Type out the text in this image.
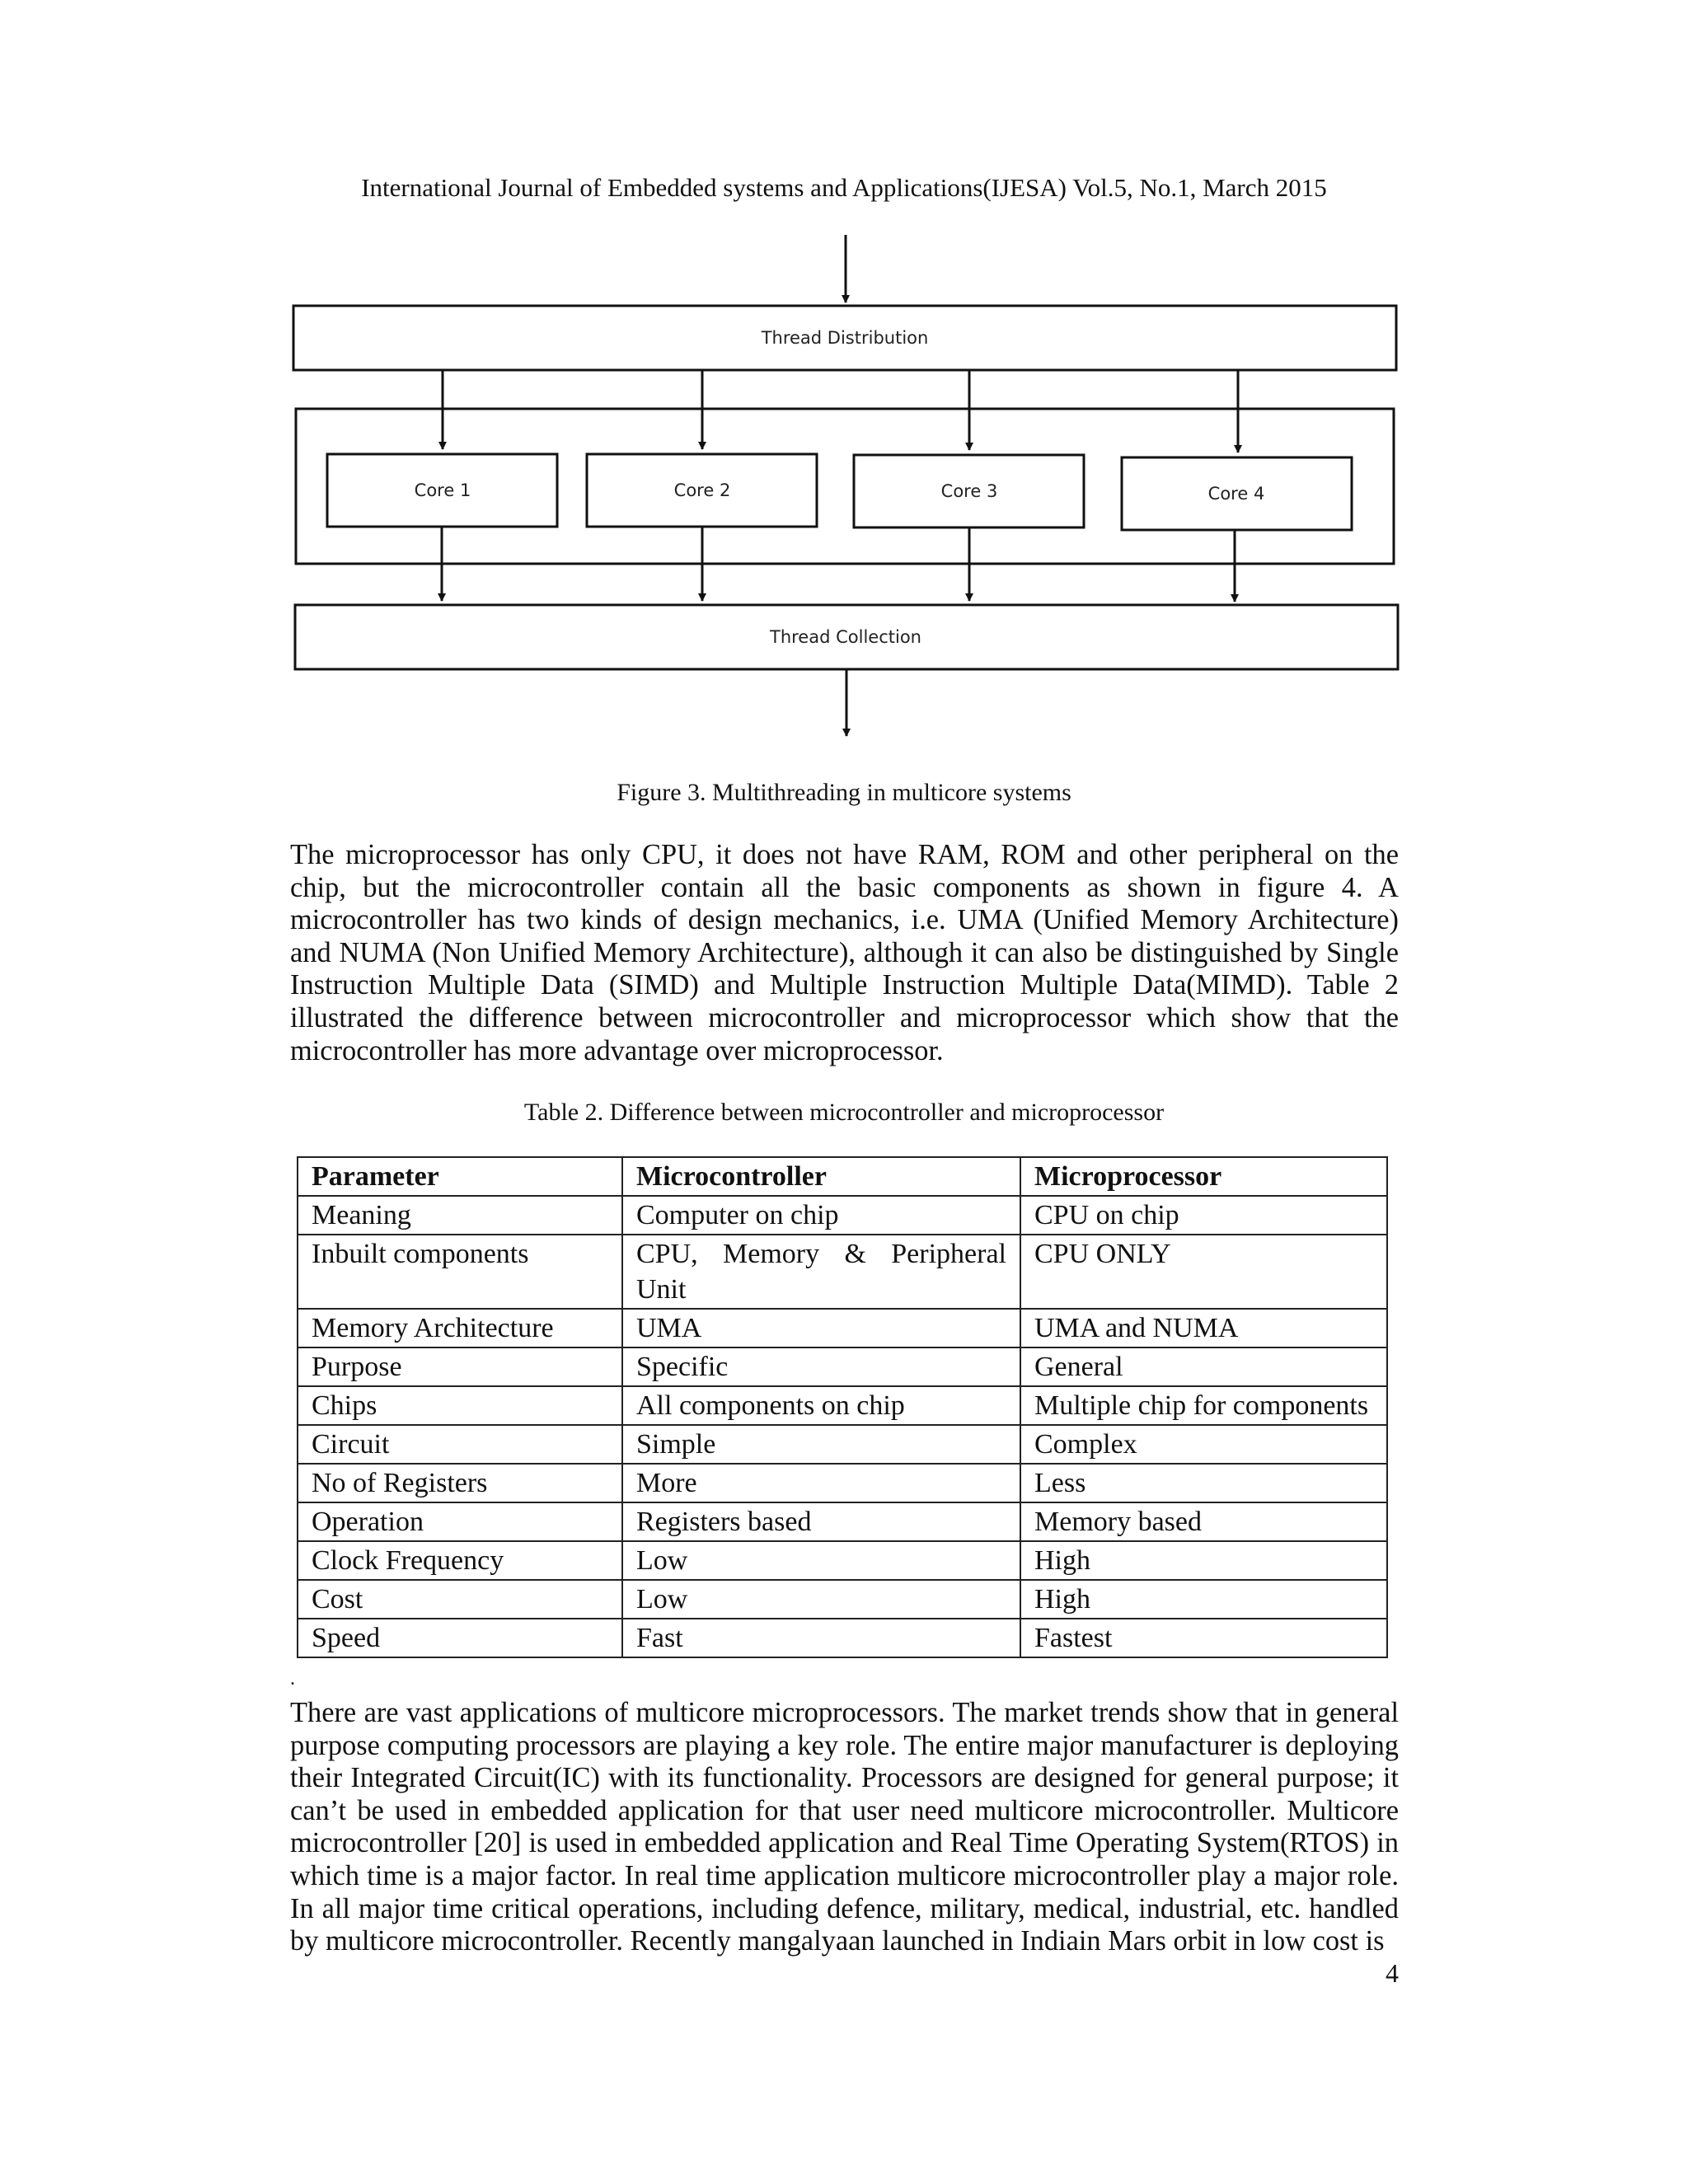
International Journal of Embedded systems and Applications(IJESA) Vol.5, No.1, March 2015
Thread Distribution
Core 1	Core 2	Core 3	Core 4
Thread Collection
Figure 3. Multithreading in multicore systems

The microprocessor has only CPU, it does not have RAM, ROM and other peripheral on the chip, but the microcontroller contain all the basic components as shown in figure 4. A microcontroller has two kinds of design mechanics, i.e. UMA (Unified Memory Architecture) and NUMA (Non Unified Memory Architecture), although it can also be distinguished by Single Instruction Multiple Data (SIMD) and Multiple Instruction Multiple Data(MIMD). Table 2 illustrated the difference between microcontroller and microprocessor which show that the microcontroller has more advantage over microprocessor.

Table 2. Difference between microcontroller and microprocessor
Parameter	Microcontroller	Microprocessor
Meaning	Computer on chip	CPU on chip
Inbuilt components	CPU, Memory & Peripheral Unit	CPU ONLY
Memory Architecture	UMA	UMA and NUMA
Purpose	Specific	General
Chips	All components on chip	Multiple chip for components
Circuit	Simple	Complex
No of Registers	More	Less
Operation	Registers based	Memory based
Clock Frequency	Low	High
Cost	Low	High
Speed	Fast	Fastest
.

There are vast applications of multicore microprocessors. The market trends show that in general purpose computing processors are playing a key role. The entire major manufacturer is deploying their Integrated Circuit(IC) with its functionality. Processors are designed for general purpose; it can’t be used in embedded application for that user need multicore microcontroller. Multicore microcontroller [20] is used in embedded application and Real Time Operating System(RTOS) in which time is a major factor. In real time application multicore microcontroller play a major role. In all major time critical operations, including defence, military, medical, industrial, etc. handled by multicore microcontroller. Recently mangalyaan launched in Indiain Mars orbit in low cost is

4
